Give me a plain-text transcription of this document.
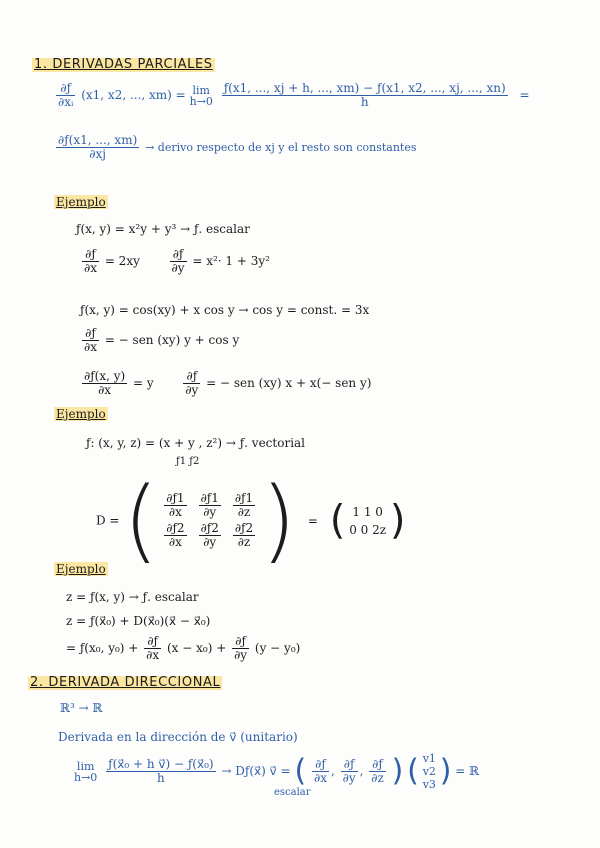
1. DERIVADAS PARCIALES
$\frac{\partial ƒ}{\text{∂xᵢ}} (x1$, x2, ..., xm) = lim
h→0
$\frac{ƒ(x1, ..., xj + h, ..., xm) - ƒ(x1, x2, ..., xj, ..., xn)}{h}$ =
$\frac{\partial ƒ(x1, ..., xm)}{\partial xj}$ → derivo respecto de xj y el resto son constantes
Ejemplo
ƒ(x, y) = x²y + y³ → ƒ. escalar
$\frac{\partial ƒ}{\partial x} = 2xy \frac{\partial ƒ}{\partial y} = x^2\cdot 1 + 3y^2$
ƒ(x, y) = cos(xy) + x cos y → cos y = const. = 3x
$\frac{\partial ƒ}{\partial x}$ = − sen (xy) y + cos y
$\frac{\partial ƒ(x, y)}{\partial x} = y \frac{\partial ƒ}{\partial y}$ = − sen (xy) x + x(− sen y)
Ejemplo
ƒ: (x, y, z) = (x + y , z²) → ƒ. vectorial
ƒ1 ƒ2
D = ( $\frac{\partial ƒ1}{\partial x} \frac{\partial ƒ1}{\partial y} \frac{\partial ƒ1}{\partial z}$
$\frac{\partial ƒ2}{\partial x} \frac{\partial ƒ2}{\partial y} \frac{\partial ƒ2}{\partial z}$ ) = ( 1 1 0
0 0 2z )
Ejemplo
z = ƒ(x, y) → ƒ. escalar
z = ƒ(x⃗₀) + D(x⃗₀)(x⃗ − x⃗₀)
= ƒ(x₀, $y_0) + \frac{\partial ƒ}{\partial x} (x - x_0) + \frac{\partial ƒ}{\partial y} (y - y_0)$
2. DERIVADA DIRECCIONAL
ℝ³ → ℝ
Derivada en la dirección de v⃗ (unitario)
lim
h→0
$\frac{\text{ƒ(x⃗₀ + h v⃗) − ƒ(x⃗₀)}}{h}$ → Dƒ(x⃗) v⃗ = ( $\frac{\partial ƒ}{\partial x}$ , $\frac{\partial ƒ}{\partial y}$ , $\frac{\partial ƒ}{\partial z}$ ) ( v1
v2
v3 ) = ℝ
escalar
